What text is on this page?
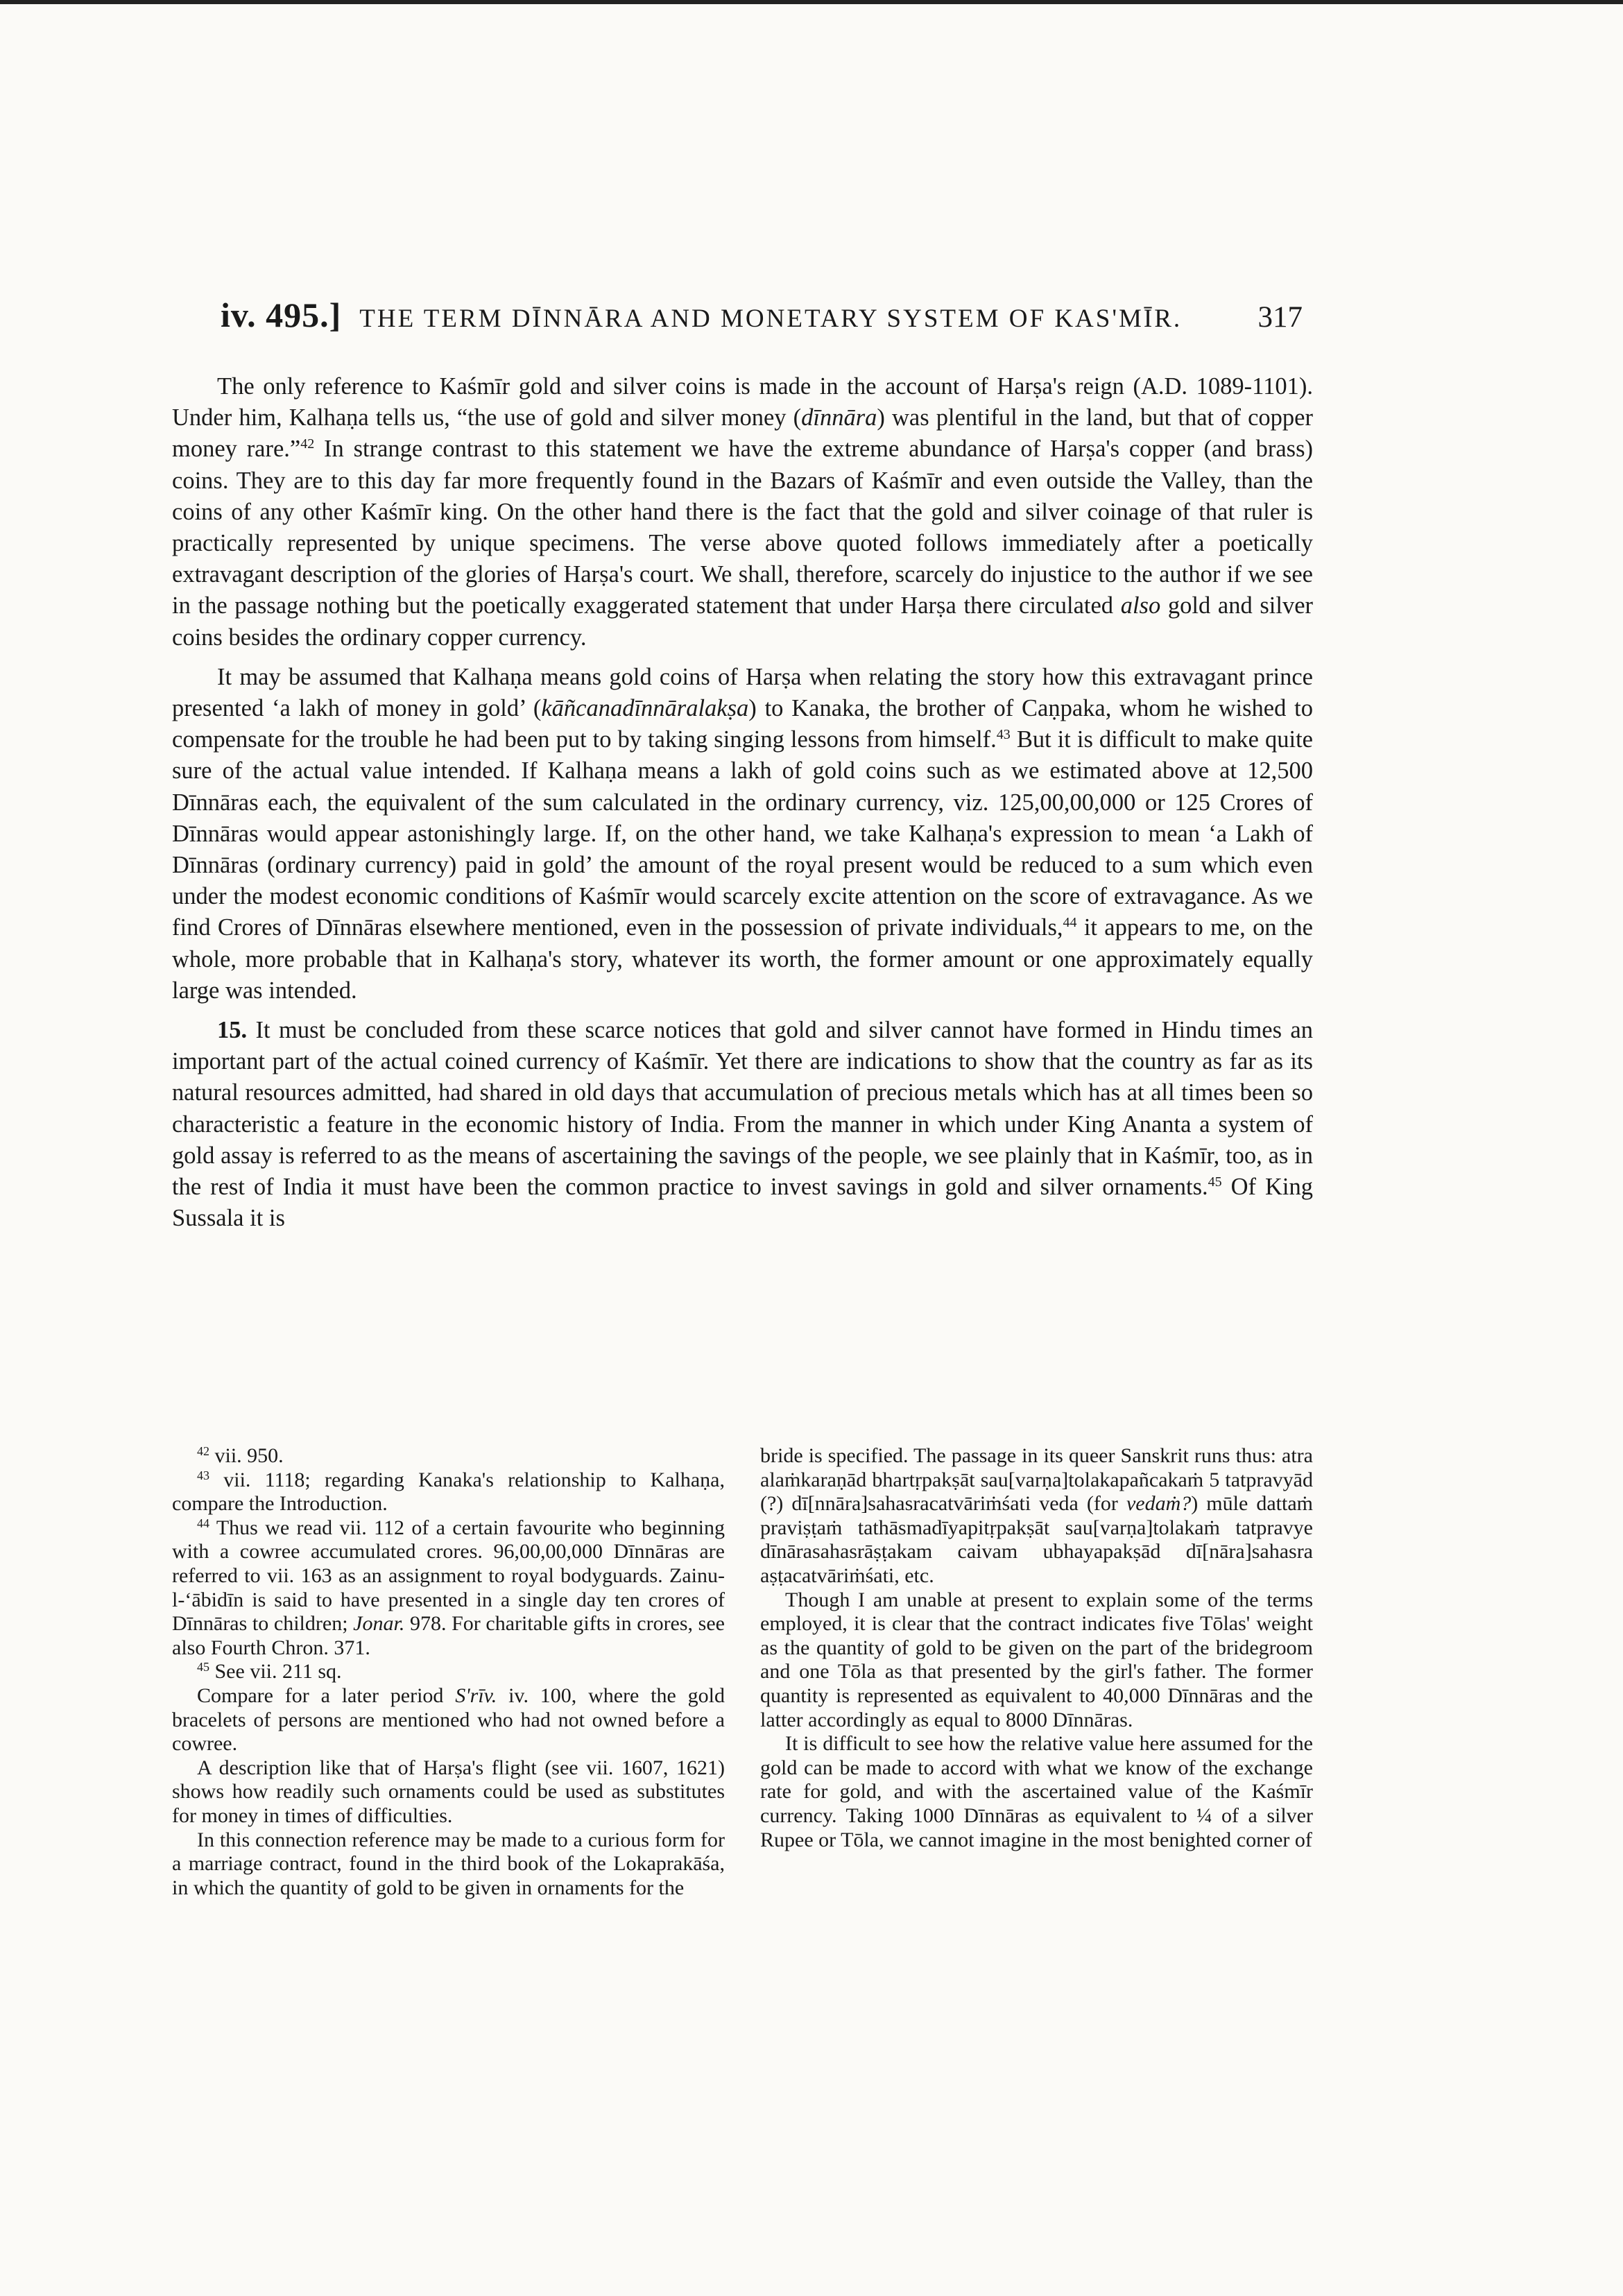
iv. 495.] THE TERM DĪNNĀRA AND MONETARY SYSTEM OF KAS'MĪR.	317

The only reference to Kaśmīr gold and silver coins is made in the account of Harṣa's reign (A.D. 1089-1101). Under him, Kalhaṇa tells us, “the use of gold and silver money (dīnnāra) was plentiful in the land, but that of copper money rare.”$^{42}$ In strange contrast to this statement we have the extreme abundance of Harṣa's copper (and brass) coins. They are to this day far more frequently found in the Bazars of Kaśmīr and even outside the Valley, than the coins of any other Kaśmīr king. On the other hand there is the fact that the gold and silver coinage of that ruler is practically represented by unique specimens. The verse above quoted follows immediately after a poetically extravagant description of the glories of Harṣa's court. We shall, therefore, scarcely do injustice to the author if we see in the passage nothing but the poetically exaggerated statement that under Harṣa there circulated also gold and silver coins besides the ordinary copper currency.

It may be assumed that Kalhaṇa means gold coins of Harṣa when relating the story how this extravagant prince presented ‘a lakh of money in gold’ (kāñcanadīnnāralakṣa) to Kanaka, the brother of Caṇpaka, whom he wished to compensate for the trouble he had been put to by taking singing lessons from himself.$^{43}$ But it is difficult to make quite sure of the actual value intended. If Kalhaṇa means a lakh of gold coins such as we estimated above at 12,500 Dīnnāras each, the equivalent of the sum calculated in the ordinary currency, viz. 125,00,00,000 or 125 Crores of Dīnnāras would appear astonishingly large. If, on the other hand, we take Kalhaṇa's expression to mean ‘a Lakh of Dīnnāras (ordinary currency) paid in gold’ the amount of the royal present would be reduced to a sum which even under the modest economic conditions of Kaśmīr would scarcely excite attention on the score of extravagance. As we find Crores of Dīnnāras elsewhere mentioned, even in the possession of private individuals,$^{44}$ it appears to me, on the whole, more probable that in Kalhaṇa's story, whatever its worth, the former amount or one approximately equally large was intended.

15. It must be concluded from these scarce notices that gold and silver cannot have formed in Hindu times an important part of the actual coined currency of Kaśmīr. Yet there are indications to show that the country as far as its natural resources admitted, had shared in old days that accumulation of precious metals which has at all times been so characteristic a feature in the economic history of India. From the manner in which under King Ananta a system of gold assay is referred to as the means of ascertaining the savings of the people, we see plainly that in Kaśmīr, too, as in the rest of India it must have been the common practice to invest savings in gold and silver ornaments.$^{45}$ Of King Sussala it is

$^{42}$ vii. 950.

$^{43}$ vii. 1118; regarding Kanaka's relationship to Kalhaṇa, compare the Introduction.

$^{44}$ Thus we read vii. 112 of a certain favourite who beginning with a cowree accumulated crores. 96,00,00,000 Dīnnāras are referred to vii. 163 as an assignment to royal bodyguards. Zainu-l-‘ābidīn is said to have presented in a single day ten crores of Dīnnāras to children; Jonar. 978. For charitable gifts in crores, see also Fourth Chron. 371.

$^{45}$ See vii. 211 sq.

Compare for a later period S'rīv. iv. 100, where the gold bracelets of persons are mentioned who had not owned before a cowree.

A description like that of Harṣa's flight (see vii. 1607, 1621) shows how readily such ornaments could be used as substitutes for money in times of difficulties.

In this connection reference may be made to a curious form for a marriage contract, found in the third book of the Lokaprakāśa, in which the quantity of gold to be given in ornaments for the

bride is specified. The passage in its queer Sanskrit runs thus: atra alaṁkaraṇād bhartṛpakṣāt sau[varṇa]tolakapañcakaṁ 5 tatpravyād (?) dī[nnāra]sahasracatvāriṁśati veda (for vedaṁ?) mūle dattaṁ praviṣṭaṁ tathāsmadīyapitṛpakṣāt sau[varṇa]tolakaṁ tatpravye dīnārasahasrāṣṭakam caivam ubhayapakṣād dī[nāra]sahasra aṣṭacatvāriṁśati, etc.

Though I am unable at present to explain some of the terms employed, it is clear that the contract indicates five Tōlas' weight as the quantity of gold to be given on the part of the bridegroom and one Tōla as that presented by the girl's father. The former quantity is represented as equivalent to 40,000 Dīnnāras and the latter accordingly as equal to 8000 Dīnnāras.

It is difficult to see how the relative value here assumed for the gold can be made to accord with what we know of the exchange rate for gold, and with the ascertained value of the Kaśmīr currency. Taking 1000 Dīnnāras as equivalent to ¼ of a silver Rupee or Tōla, we cannot imagine in the most benighted corner of
